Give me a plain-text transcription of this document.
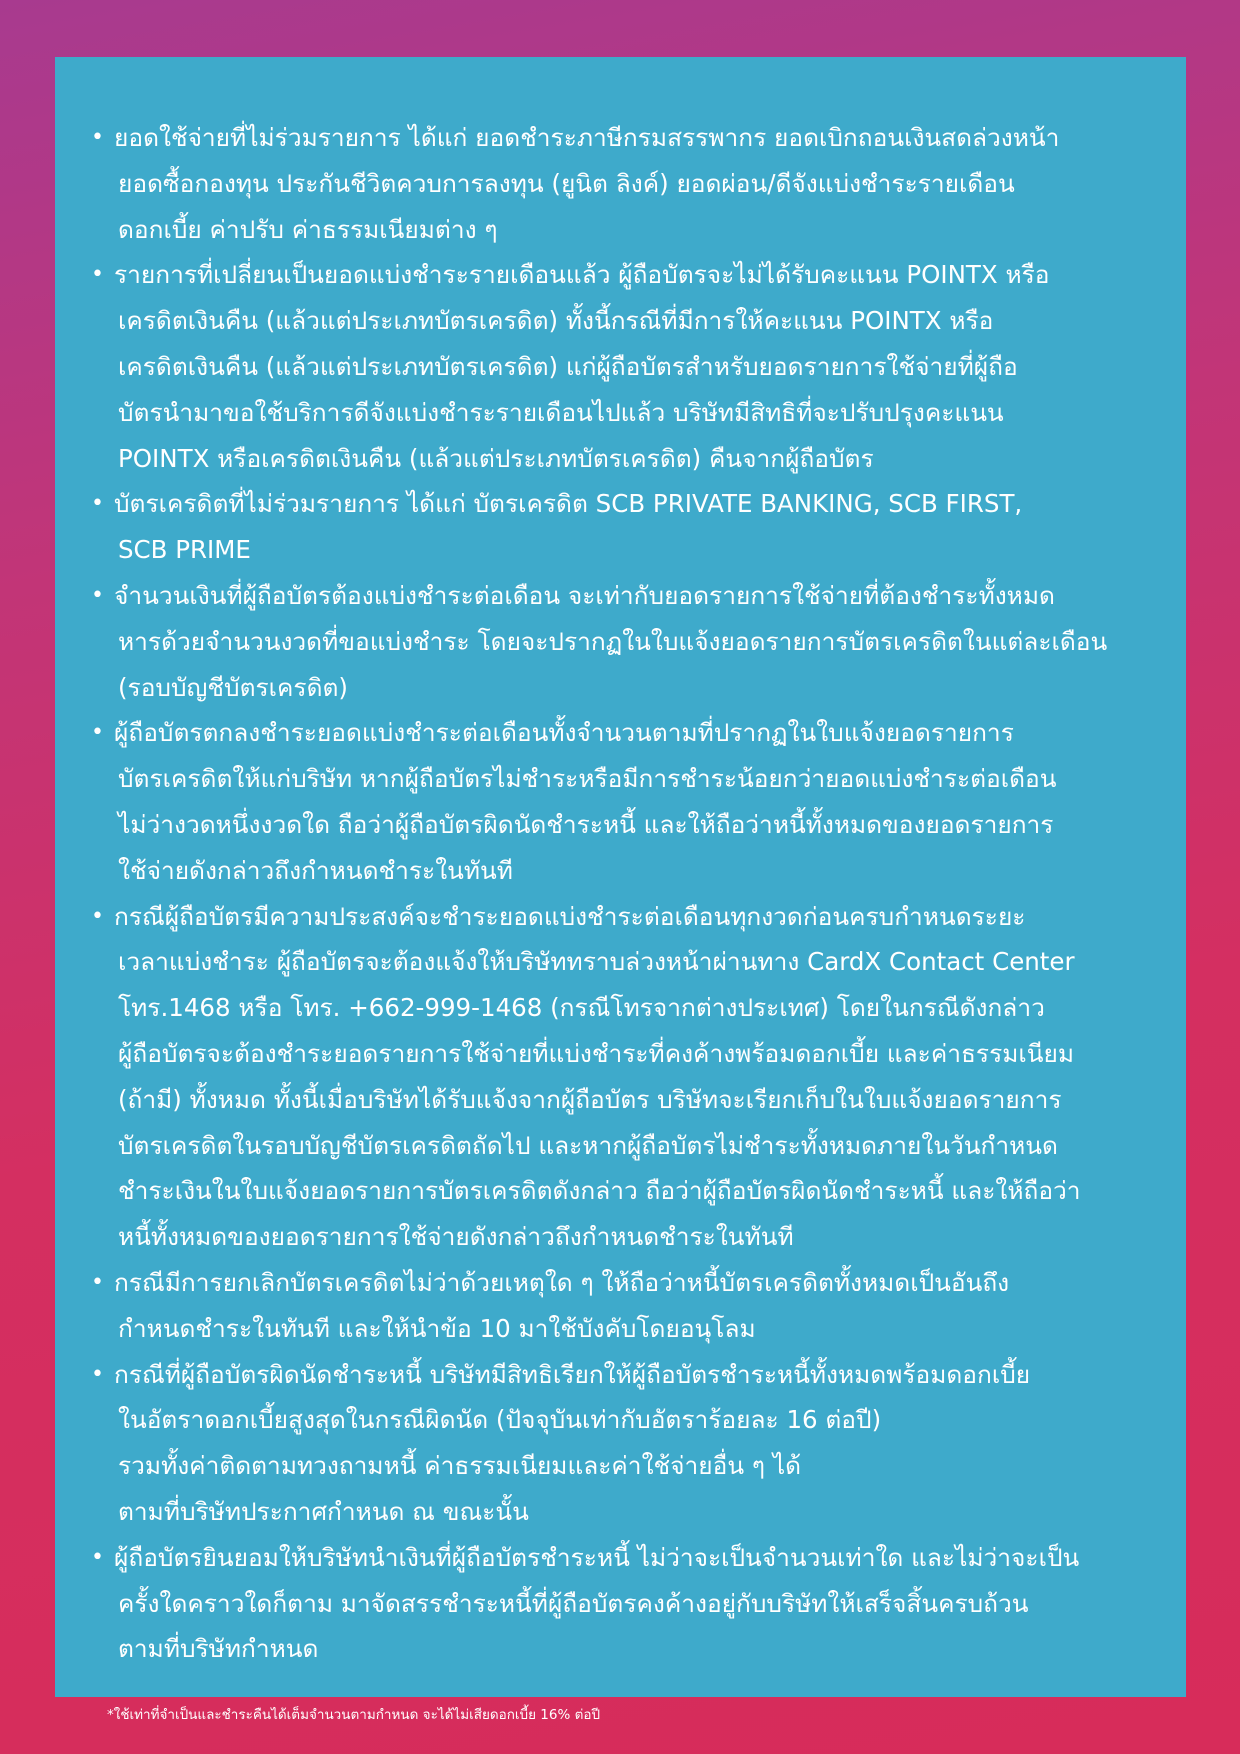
• ยอดใช้จ่ายที่ไม่ร่วมรายการ ได้แก่ ยอดชำระภาษีกรมสรรพากร ยอดเบิกถอนเงินสดล่วงหน้า
ยอดซื้อกองทุน ประกันชีวิตควบการลงทุน (ยูนิต ลิงค์) ยอดผ่อน/ดีจังแบ่งชำระรายเดือน
ดอกเบี้ย ค่าปรับ ค่าธรรมเนียมต่าง ๆ
• รายการที่เปลี่ยนเป็นยอดแบ่งชำระรายเดือนแล้ว ผู้ถือบัตรจะไม่ได้รับคะแนน POINTX หรือ
เครดิตเงินคืน (แล้วแต่ประเภทบัตรเครดิต) ทั้งนี้กรณีที่มีการให้คะแนน POINTX หรือ
เครดิตเงินคืน (แล้วแต่ประเภทบัตรเครดิต) แก่ผู้ถือบัตรสำหรับยอดรายการใช้จ่ายที่ผู้ถือ
บัตรนำมาขอใช้บริการดีจังแบ่งชำระรายเดือนไปแล้ว บริษัทมีสิทธิที่จะปรับปรุงคะแนน
POINTX หรือเครดิตเงินคืน (แล้วแต่ประเภทบัตรเครดิต) คืนจากผู้ถือบัตร
• บัตรเครดิตที่ไม่ร่วมรายการ ได้แก่ บัตรเครดิต SCB PRIVATE BANKING, SCB FIRST,
SCB PRIME
• จำนวนเงินที่ผู้ถือบัตรต้องแบ่งชำระต่อเดือน จะเท่ากับยอดรายการใช้จ่ายที่ต้องชำระทั้งหมด
หารด้วยจำนวนงวดที่ขอแบ่งชำระ โดยจะปรากฏในใบแจ้งยอดรายการบัตรเครดิตในแต่ละเดือน
(รอบบัญชีบัตรเครดิต)
• ผู้ถือบัตรตกลงชำระยอดแบ่งชำระต่อเดือนทั้งจำนวนตามที่ปรากฏในใบแจ้งยอดรายการ
บัตรเครดิตให้แก่บริษัท หากผู้ถือบัตรไม่ชำระหรือมีการชำระน้อยกว่ายอดแบ่งชำระต่อเดือน
ไม่ว่างวดหนึ่งงวดใด ถือว่าผู้ถือบัตรผิดนัดชำระหนี้ และให้ถือว่าหนี้ทั้งหมดของยอดรายการ
ใช้จ่ายดังกล่าวถึงกำหนดชำระในทันที
• กรณีผู้ถือบัตรมีความประสงค์จะชำระยอดแบ่งชำระต่อเดือนทุกงวดก่อนครบกำหนดระยะ
เวลาแบ่งชำระ ผู้ถือบัตรจะต้องแจ้งให้บริษัททราบล่วงหน้าผ่านทาง CardX Contact Center
โทร.1468 หรือ โทร. +662-999-1468 (กรณีโทรจากต่างประเทศ) โดยในกรณีดังกล่าว
ผู้ถือบัตรจะต้องชำระยอดรายการใช้จ่ายที่แบ่งชำระที่คงค้างพร้อมดอกเบี้ย และค่าธรรมเนียม
(ถ้ามี) ทั้งหมด ทั้งนี้เมื่อบริษัทได้รับแจ้งจากผู้ถือบัตร บริษัทจะเรียกเก็บในใบแจ้งยอดรายการ
บัตรเครดิตในรอบบัญชีบัตรเครดิตถัดไป และหากผู้ถือบัตรไม่ชำระทั้งหมดภายในวันกำหนด
ชำระเงินในใบแจ้งยอดรายการบัตรเครดิตดังกล่าว ถือว่าผู้ถือบัตรผิดนัดชำระหนี้ และให้ถือว่า
หนี้ทั้งหมดของยอดรายการใช้จ่ายดังกล่าวถึงกำหนดชำระในทันที
• กรณีมีการยกเลิกบัตรเครดิตไม่ว่าด้วยเหตุใด ๆ ให้ถือว่าหนี้บัตรเครดิตทั้งหมดเป็นอันถึง
กำหนดชำระในทันที และให้นำข้อ 10 มาใช้บังคับโดยอนุโลม
• กรณีที่ผู้ถือบัตรผิดนัดชำระหนี้ บริษัทมีสิทธิเรียกให้ผู้ถือบัตรชำระหนี้ทั้งหมดพร้อมดอกเบี้ย
ในอัตราดอกเบี้ยสูงสุดในกรณีผิดนัด (ปัจจุบันเท่ากับอัตราร้อยละ 16 ต่อปี)
รวมทั้งค่าติดตามทวงถามหนี้ ค่าธรรมเนียมและค่าใช้จ่ายอื่น ๆ ได้
ตามที่บริษัทประกาศกำหนด ณ ขณะนั้น
• ผู้ถือบัตรยินยอมให้บริษัทนำเงินที่ผู้ถือบัตรชำระหนี้ ไม่ว่าจะเป็นจำนวนเท่าใด และไม่ว่าจะเป็น
ครั้งใดคราวใดก็ตาม มาจัดสรรชำระหนี้ที่ผู้ถือบัตรคงค้างอยู่กับบริษัทให้เสร็จสิ้นครบถ้วน
ตามที่บริษัทกำหนด
*ใช้เท่าที่จำเป็นและชำระคืนได้เต็มจำนวนตามกำหนด จะได้ไม่เสียดอกเบี้ย 16% ต่อปี
